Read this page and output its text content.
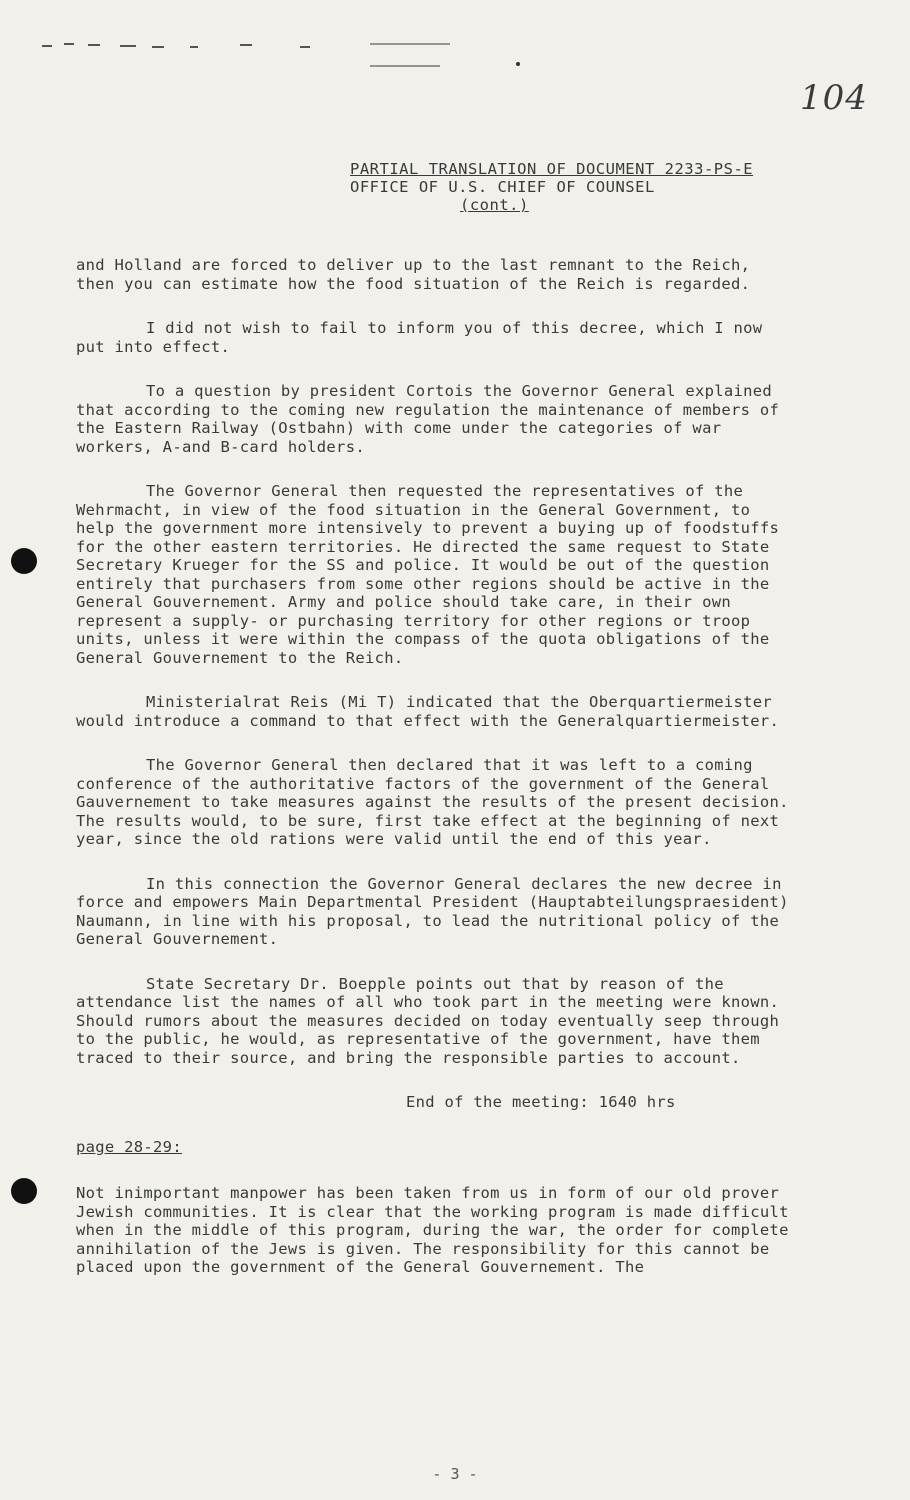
104
PARTIAL TRANSLATION OF DOCUMENT 2233-PS-E
OFFICE OF U.S. CHIEF OF COUNSEL
(cont.)

and Holland are forced to deliver up to the last remnant to the Reich, then you can estimate how the food situation of the Reich is regarded.

I did not wish to fail to inform you of this decree, which I now put into effect.

To a question by president Cortois the Governor General explained that according to the coming new regulation the maintenance of members of the Eastern Railway (Ostbahn) with come under the categories of war workers, A-and B-card holders.

The Governor General then requested the representatives of the Wehrmacht, in view of the food situation in the General Government, to help the government more intensively to prevent a buying up of foodstuffs for the other eastern territories. He directed the same request to State Secretary Krueger for the SS and police. It would be out of the question entirely that purchasers from some other regions should be active in the General Gouvernement. Army and police should take care, in their own represent a supply- or purchasing territory for other regions or troop units, unless it were within the compass of the quota obligations of the General Gouvernement to the Reich.

Ministerialrat Reis (Mi T) indicated that the Oberquartiermeister would introduce a command to that effect with the Generalquartiermeister.

The Governor General then declared that it was left to a coming conference of the authoritative factors of the government of the General Gauvernement to take measures against the results of the present decision. The results would, to be sure, first take effect at the beginning of next year, since the old rations were valid until the end of this year.

In this connection the Governor General declares the new decree in force and empowers Main Departmental President (Hauptabteilungspraesident) Naumann, in line with his proposal, to lead the nutritional policy of the General Gouvernement.

State Secretary Dr. Boepple points out that by reason of the attendance list the names of all who took part in the meeting were known. Should rumors about the measures decided on today eventually seep through to the public, he would, as representative of the government, have them traced to their source, and bring the responsible parties to account.

End of the meeting: 1640 hrs
page 28-29:

Not inimportant manpower has been taken from us in form of our old prover Jewish communities. It is clear that the working program is made difficult when in the middle of this program, during the war, the order for complete annihilation of the Jews is given. The responsibility for this cannot be placed upon the government of the General Gouvernement. The

- 3 -
